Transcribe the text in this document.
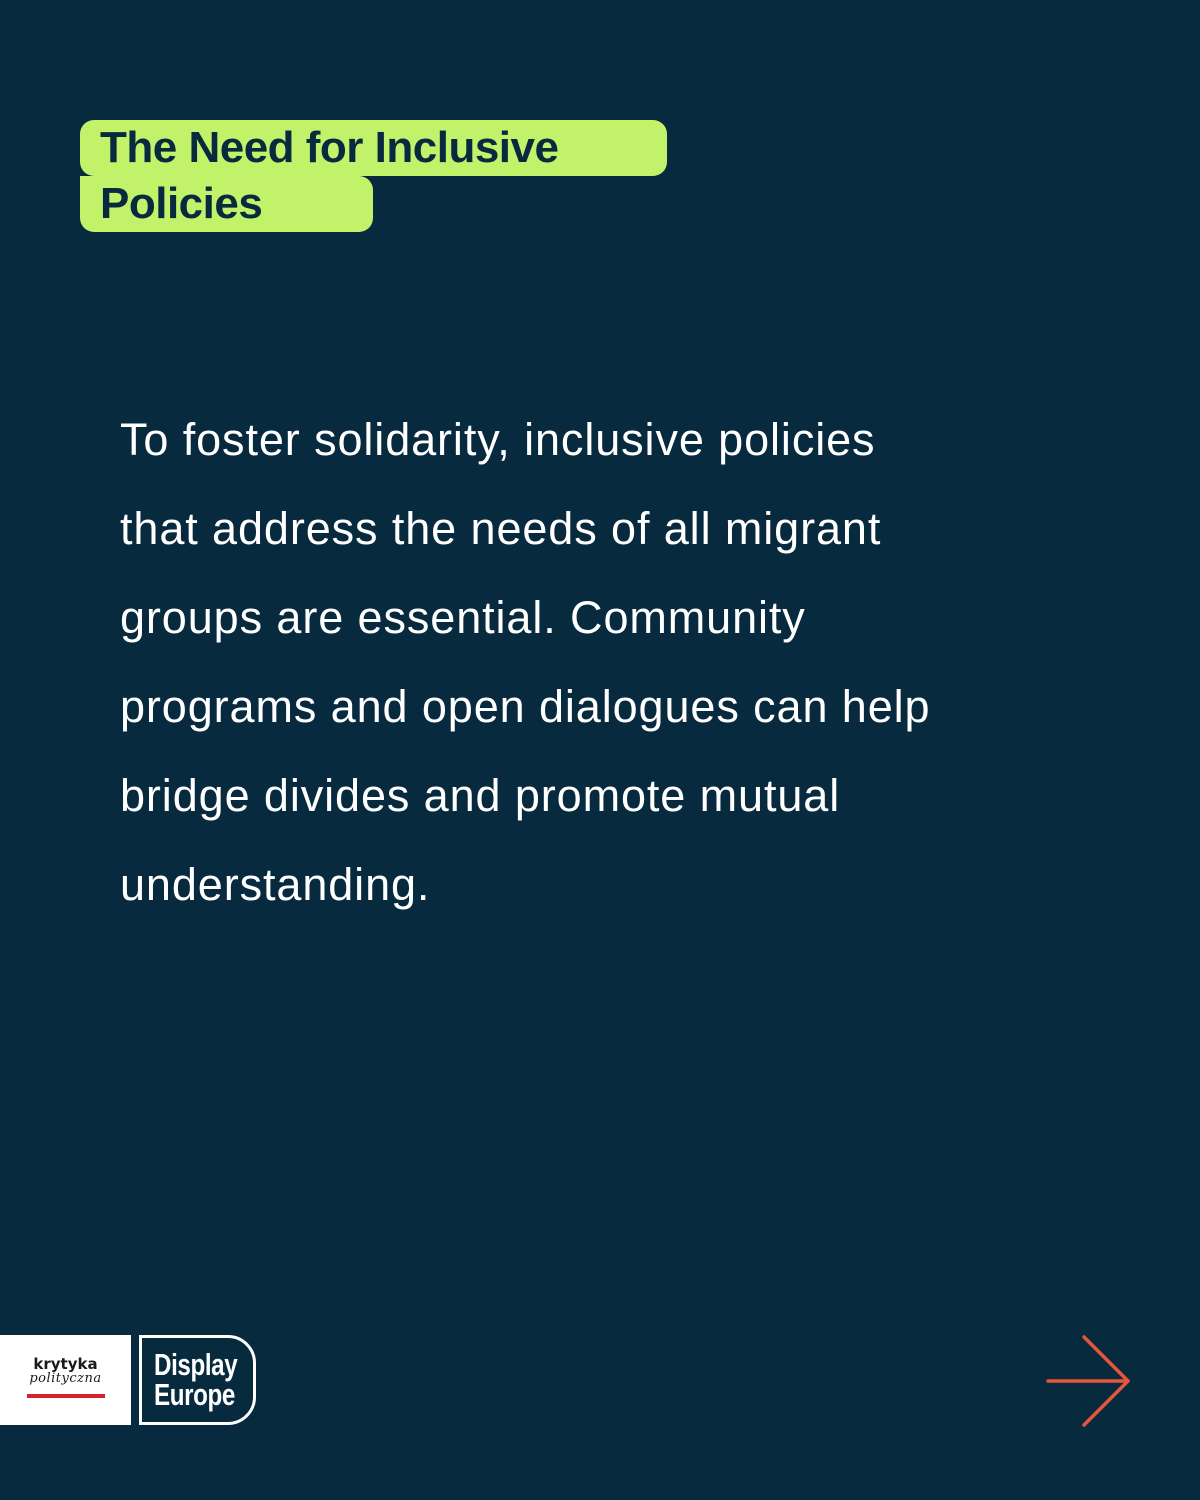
The Need for Inclusive
Policies
To foster solidarity, inclusive policies
that address the needs of all migrant
groups are essential. Community
programs and open dialogues can help
bridge divides and promote mutual
understanding.
krytyka
polityczna Display
Europe
